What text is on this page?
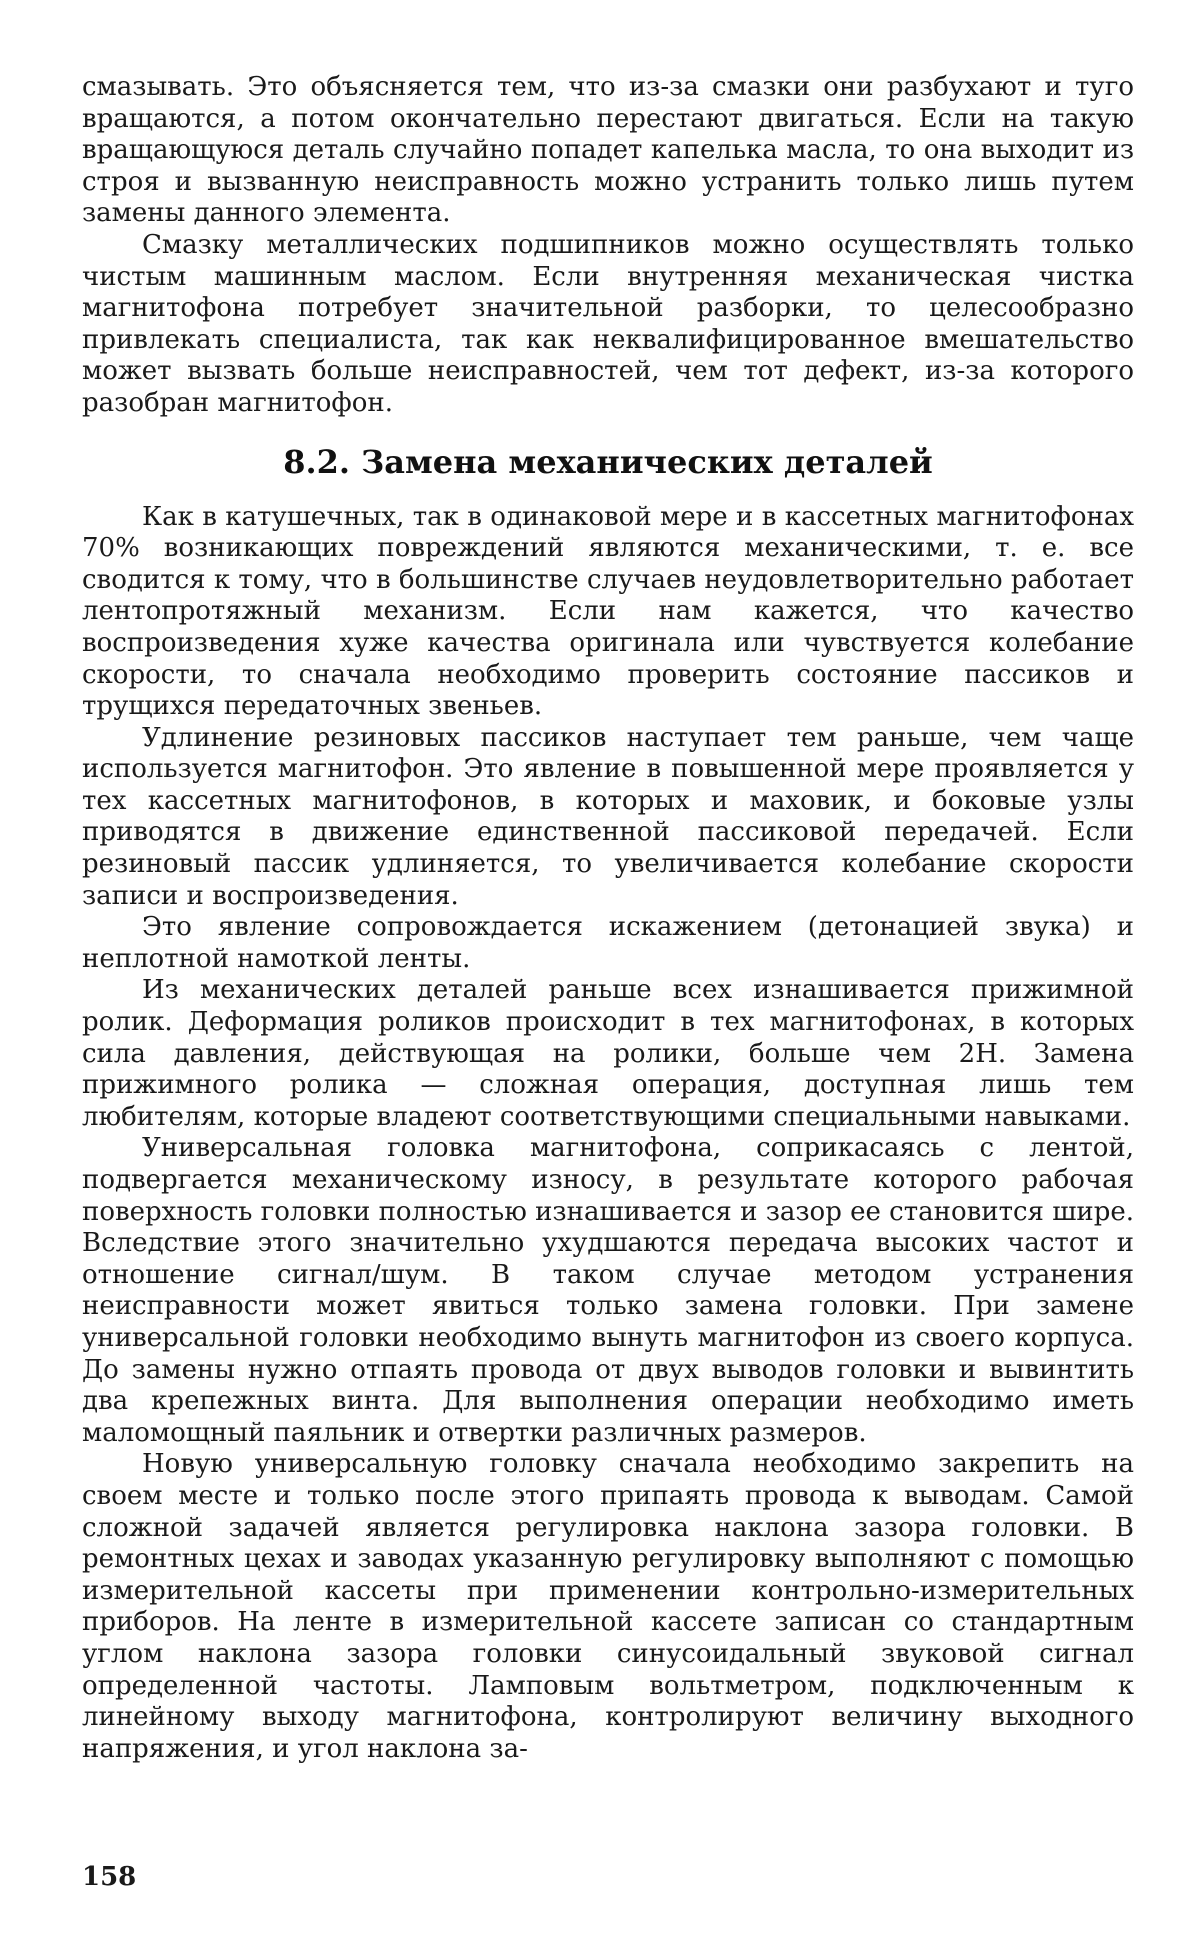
смазывать. Это объясняется тем, что из-за смазки они разбухают и туго вращаются, а потом окончательно перестают двигаться. Если на такую вращающуюся деталь случайно попадет капелька масла, то она выходит из строя и вызванную неисправность можно устранить только лишь путем замены данного элемента.

Смазку металлических подшипников можно осуществлять только чистым машинным маслом. Если внутренняя механическая чистка магнитофона потребует значительной разборки, то целесообразно привлекать специалиста, так как неквалифицированное вмешательство может вызвать больше неисправностей, чем тот дефект, из-за которого разобран магнитофон.

8.2. Замена механических деталей

Как в катушечных, так в одинаковой мере и в кассетных магнитофонах 70% возникающих повреждений являются механическими, т. е. все сводится к тому, что в большинстве случаев неудовлетворительно работает лентопротяжный механизм. Если нам кажется, что качество воспроизведения хуже качества оригинала или чувствуется колебание скорости, то сначала необходимо проверить состояние пассиков и трущихся передаточных звеньев.

Удлинение резиновых пассиков наступает тем раньше, чем чаще используется магнитофон. Это явление в повышенной мере проявляется у тех кассетных магнитофонов, в которых и маховик, и боковые узлы приводятся в движение единственной пассиковой передачей. Если резиновый пассик удлиняется, то увеличивается колебание скорости записи и воспроизведения.

Это явление сопровождается искажением (детонацией звука) и неплотной намоткой ленты.

Из механических деталей раньше всех изнашивается прижимной ролик. Деформация роликов происходит в тех магнитофонах, в которых сила давления, действующая на ролики, больше чем 2Н. Замена прижимного ролика — сложная операция, доступная лишь тем любителям, которые владеют соответствующими специальными навыками.

Универсальная головка магнитофона, соприкасаясь с лентой, подвергается механическому износу, в результате которого рабочая поверхность головки полностью изнашивается и зазор ее становится шире. Вследствие этого значительно ухудшаются передача высоких частот и отношение сигнал/шум. В таком случае методом устранения неисправности может явиться только замена головки. При замене универсальной головки необходимо вынуть магнитофон из своего корпуса. До замены нужно отпаять провода от двух выводов головки и вывинтить два крепежных винта. Для выполнения операции необходимо иметь маломощный паяльник и отвертки различных размеров.

Новую универсальную головку сначала необходимо закрепить на своем месте и только после этого припаять провода к выводам. Самой сложной задачей является регулировка наклона зазора головки. В ремонтных цехах и заводах указанную регулировку выполняют с помощью измерительной кассеты при применении контрольно-измерительных приборов. На ленте в измерительной кассете записан со стандартным углом наклона зазора головки синусоидальный звуковой сигнал определенной частоты. Ламповым вольтметром, подключенным к линейному выходу магнитофона, контролируют величину выходного напряжения, и угол наклона за-

158
